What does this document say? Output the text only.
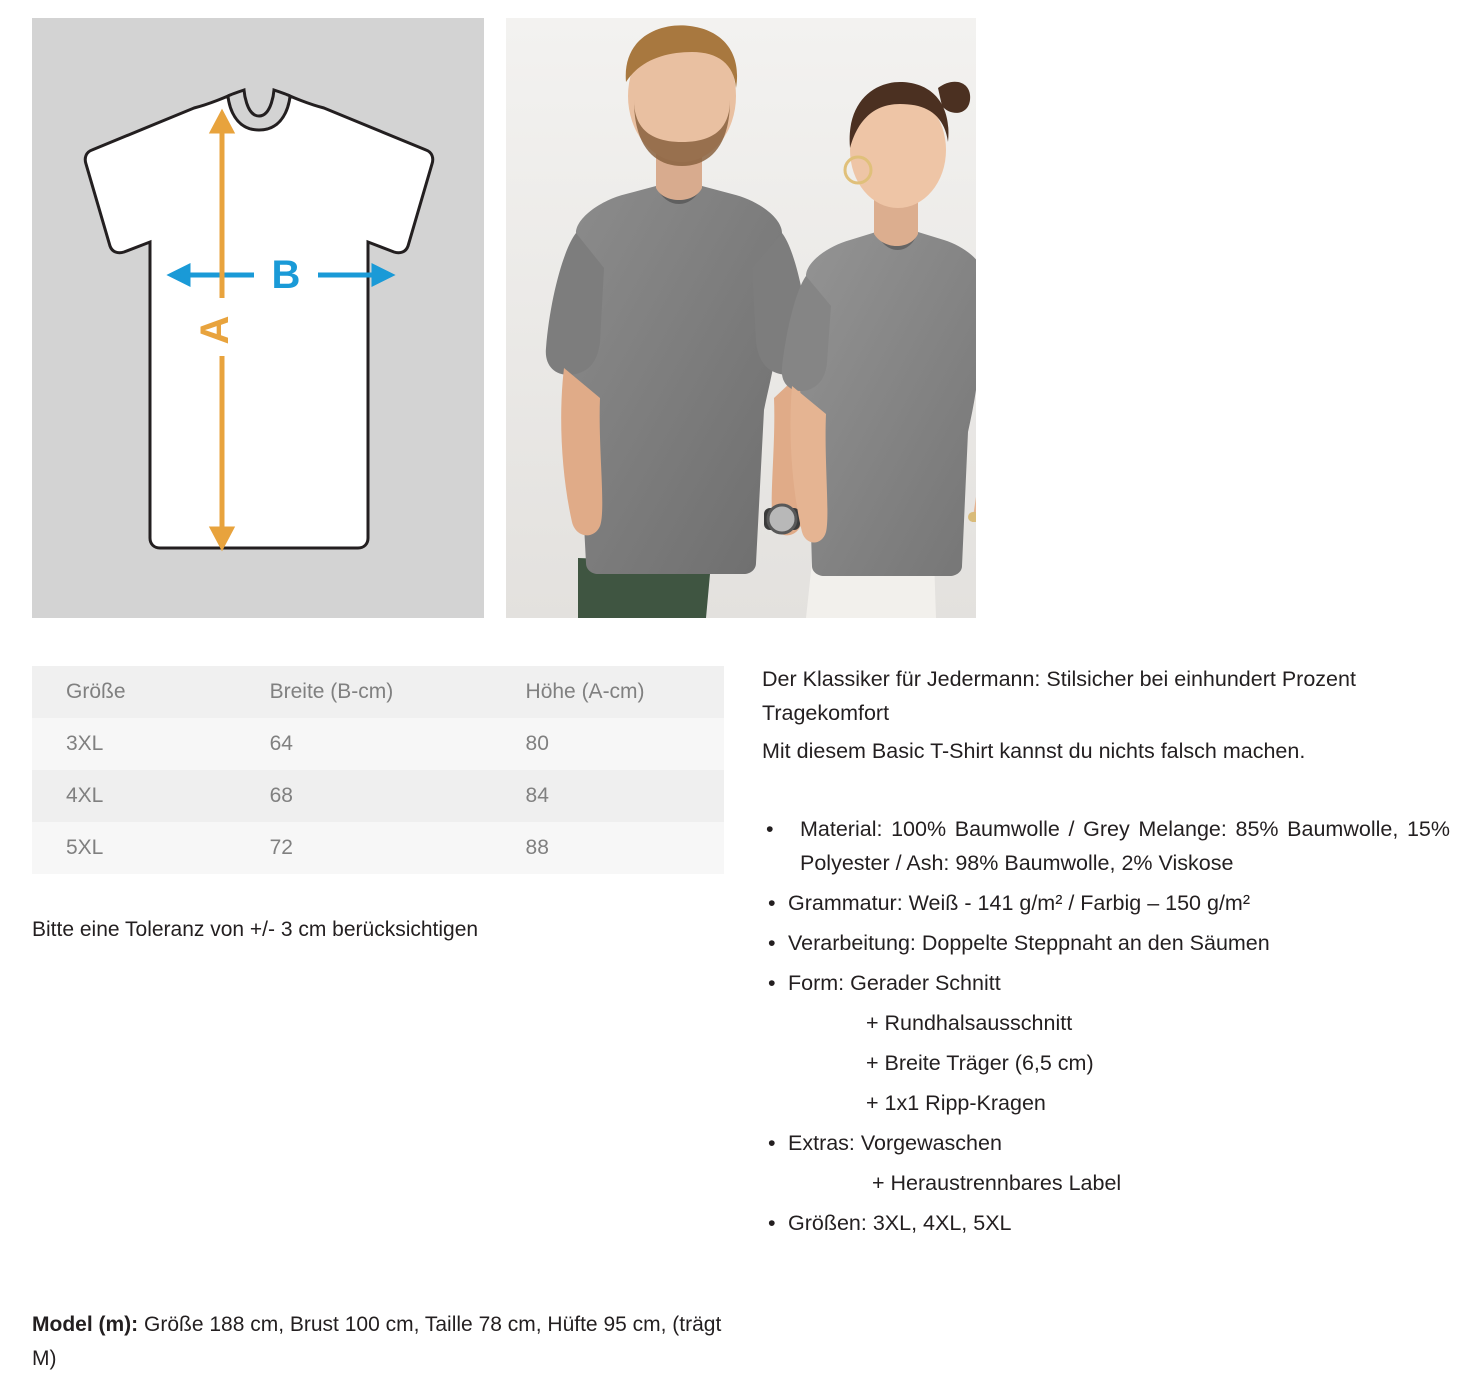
B
A
Größe	Breite (B-cm)	Höhe (A-cm)
3XL	64	80
4XL	68	84
5XL	72	88
Bitte eine Toleranz von +/- 3 cm berücksichtigen
Model (m): Größe 188 cm, Brust 100 cm, Taille 78 cm, Hüfte 95 cm, (trägt M)

Der Klassiker für Jedermann: Stilsicher bei einhundert Prozent Tragekomfort

Mit diesem Basic T-Shirt kannst du nichts falsch machen.

• Material: 100% Baumwolle / Grey Melange: 85% Baumwolle, 15% Polyester / Ash: 98% Baumwolle, 2% Viskose
• Grammatur: Weiß - 141 g/m² / Farbig – 150 g/m²
• Verarbeitung: Doppelte Steppnaht an den Säumen
• Form: Gerader Schnitt
+ Rundhalsausschnitt
+ Breite Träger (6,5 cm)
+ 1x1 Ripp-Kragen
• Extras: Vorgewaschen
+ Heraustrennbares Label
• Größen: 3XL, 4XL, 5XL
